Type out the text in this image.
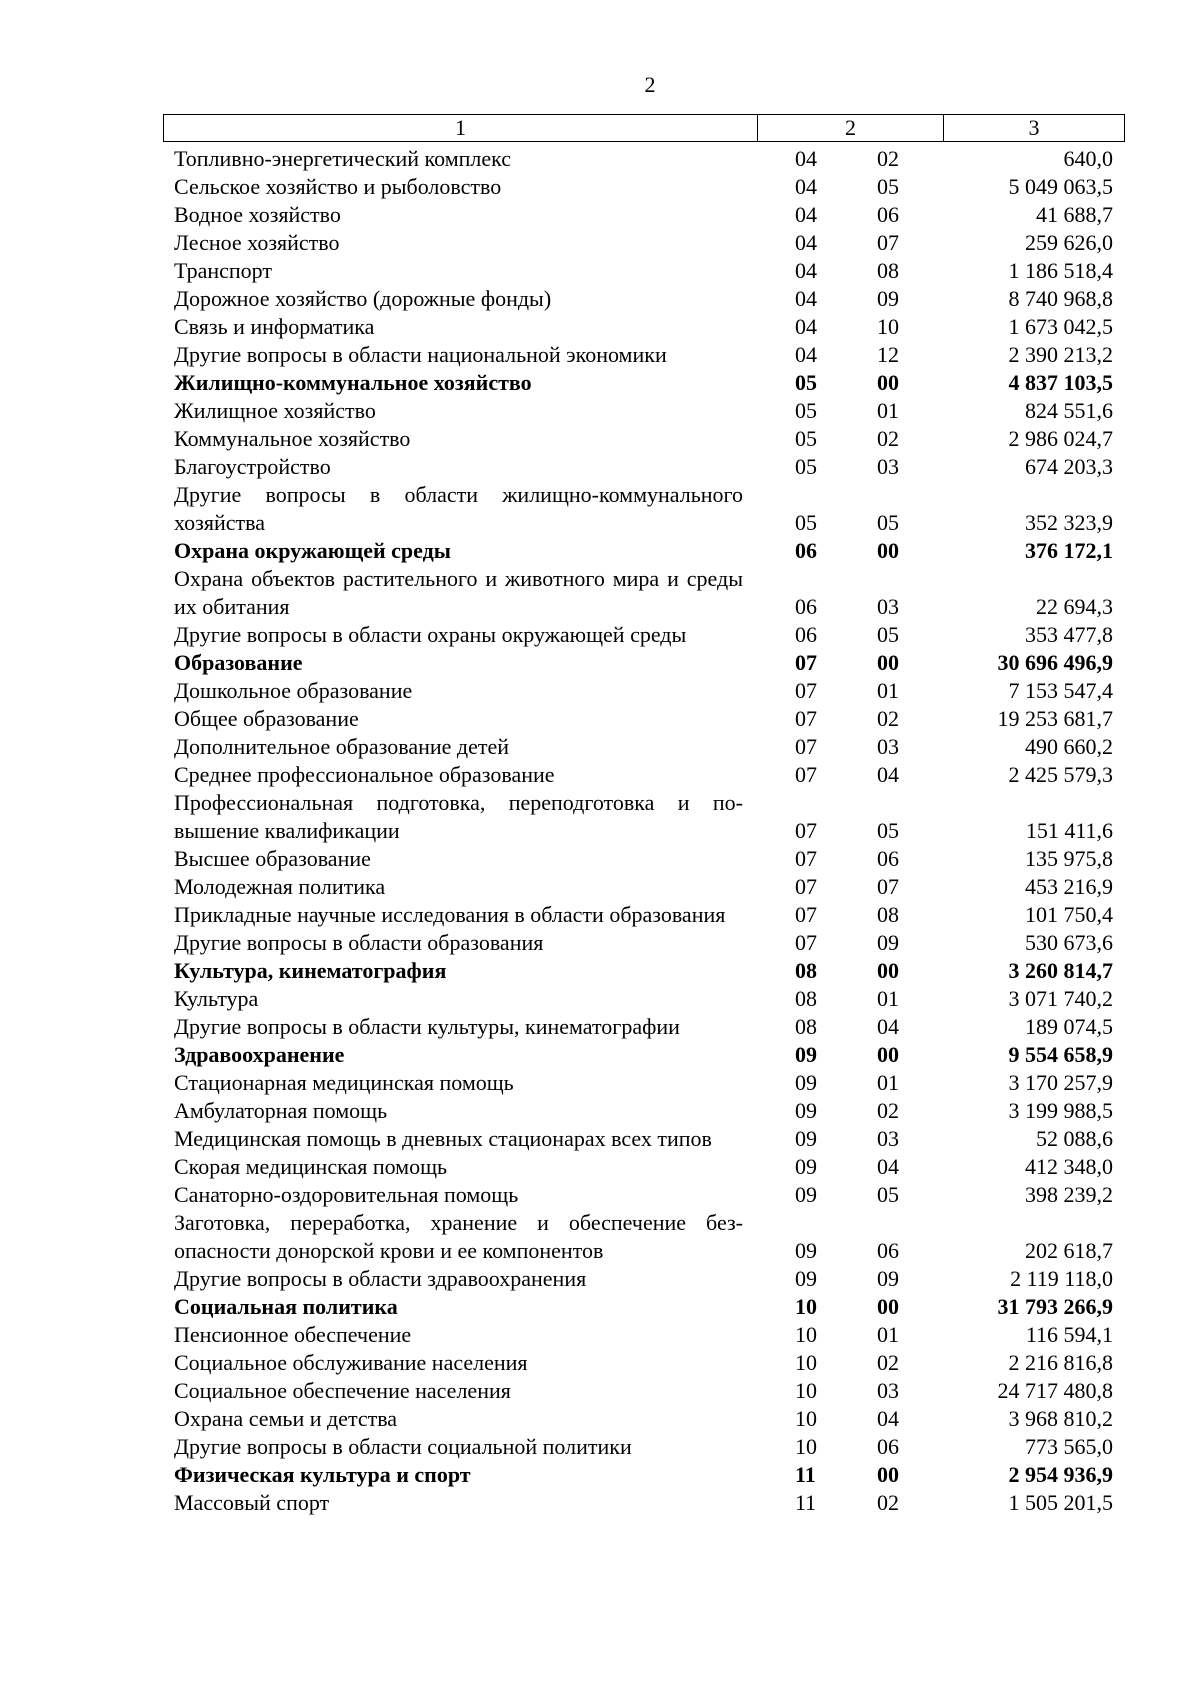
2
1	2	3
Топливно-энергетический комплекс	04	02	640,0
Сельское хозяйство и рыболовство	04	05	5 049 063,5
Водное хозяйство	04	06	41 688,7
Лесное хозяйство	04	07	259 626,0
Транспорт	04	08	1 186 518,4
Дорожное хозяйство (дорожные фонды)	04	09	8 740 968,8
Связь и информатика	04	10	1 673 042,5
Другие вопросы в области национальной экономики	04	12	2 390 213,2
Жилищно-коммунальное хозяйство	05	00	4 837 103,5
Жилищное хозяйство	05	01	824 551,6
Коммунальное хозяйство	05	02	2 986 024,7
Благоустройство	05	03	674 203,3
Другие вопросы в области жилищно-коммунального хозяйства	05	05	352 323,9
Охрана окружающей среды	06	00	376 172,1
Охрана объектов растительного и животного мира и среды их обитания	06	03	22 694,3
Другие вопросы в области охраны окружающей среды	06	05	353 477,8
Образование	07	00	30 696 496,9
Дошкольное образование	07	01	7 153 547,4
Общее образование	07	02	19 253 681,7
Дополнительное образование детей	07	03	490 660,2
Среднее профессиональное образование	07	04	2 425 579,3
Профессиональная подготовка, переподготовка и повышение квалификации	07	05	151 411,6
Высшее образование	07	06	135 975,8
Молодежная политика	07	07	453 216,9
Прикладные научные исследования в области образования	07	08	101 750,4
Другие вопросы в области образования	07	09	530 673,6
Культура, кинематография	08	00	3 260 814,7
Культура	08	01	3 071 740,2
Другие вопросы в области культуры, кинематографии	08	04	189 074,5
Здравоохранение	09	00	9 554 658,9
Стационарная медицинская помощь	09	01	3 170 257,9
Амбулаторная помощь	09	02	3 199 988,5
Медицинская помощь в дневных стационарах всех типов	09	03	52 088,6
Скорая медицинская помощь	09	04	412 348,0
Санаторно-оздоровительная помощь	09	05	398 239,2
Заготовка, переработка, хранение и обеспечение безопасности донорской крови и ее компонентов	09	06	202 618,7
Другие вопросы в области здравоохранения	09	09	2 119 118,0
Социальная политика	10	00	31 793 266,9
Пенсионное обеспечение	10	01	116 594,1
Социальное обслуживание населения	10	02	2 216 816,8
Социальное обеспечение населения	10	03	24 717 480,8
Охрана семьи и детства	10	04	3 968 810,2
Другие вопросы в области социальной политики	10	06	773 565,0
Физическая культура и спорт	11	00	2 954 936,9
Массовый спорт	11	02	1 505 201,5
